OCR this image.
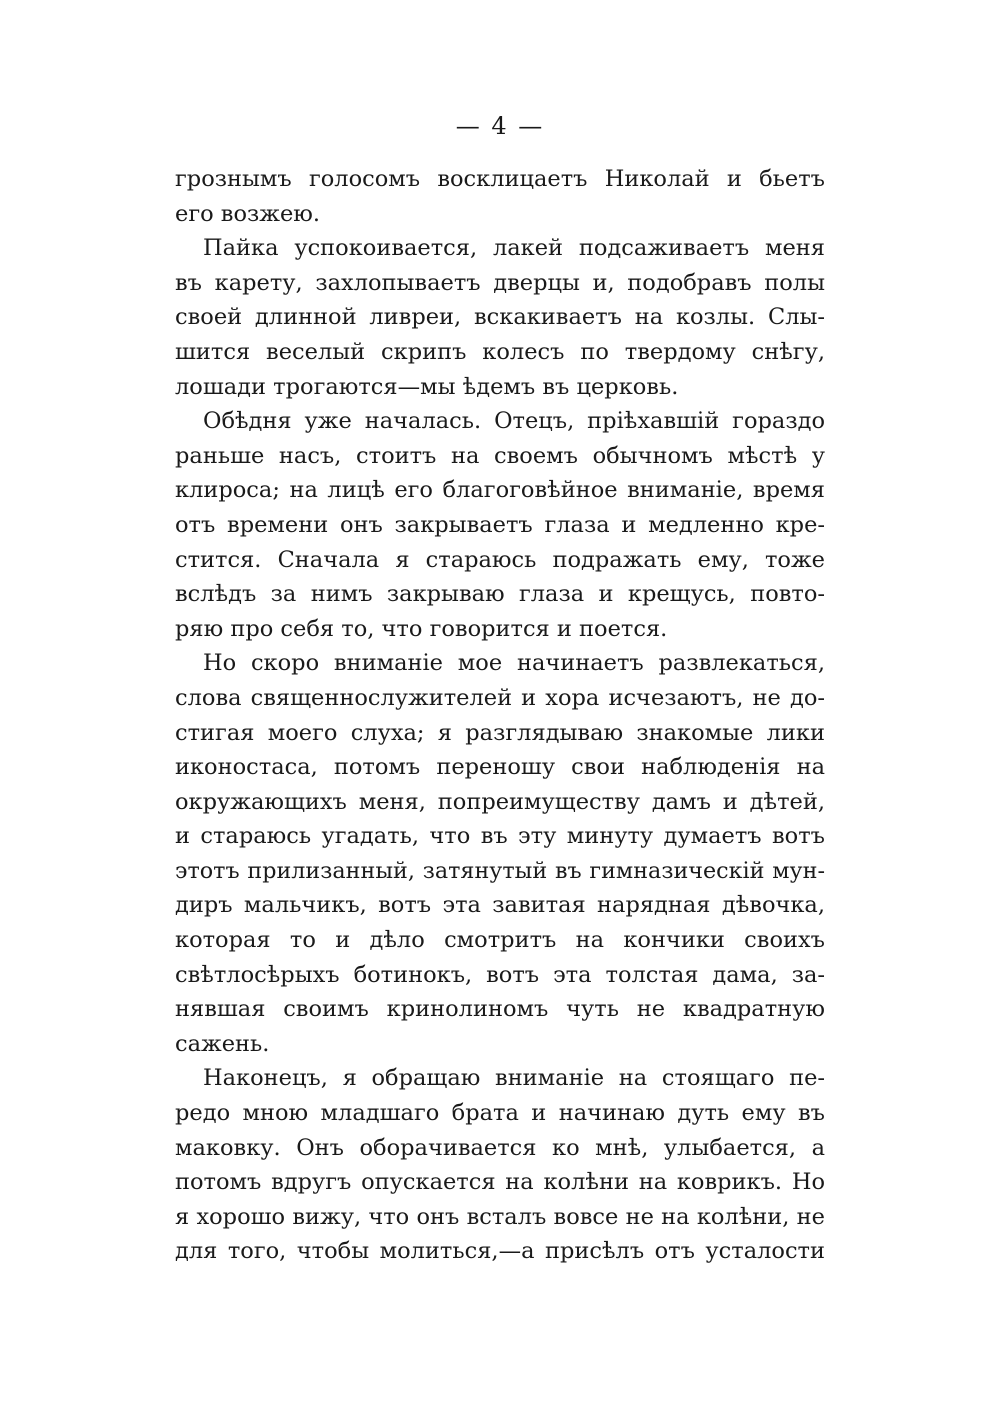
— 4 —
грознымъ голосомъ восклицаетъ Николай и бьетъ
его возжею.
Пайка успокоивается, лакей подсаживаетъ меня
въ карету, захлопываетъ дверцы и, подобравъ полы
своей длинной ливреи, вскакиваетъ на козлы. Слы-
шится веселый скрипъ колесъ по твердому снѣгу,
лошади трогаются—мы ѣдемъ въ церковь.
Обѣдня уже началась. Отецъ, пріѣхавшій гораздо
раньше насъ, стоитъ на своемъ обычномъ мѣстѣ у
клироса; на лицѣ его благоговѣйное вниманіе, время
отъ времени онъ закрываетъ глаза и медленно кре-
стится. Сначала я стараюсь подражать ему, тоже
вслѣдъ за нимъ закрываю глаза и крещусь, повто-
ряю про себя то, что говорится и поется.
Но скоро вниманіе мое начинаетъ развлекаться,
слова священнослужителей и хора исчезаютъ, не до-
стигая моего слуха; я разглядываю знакомые лики
иконостаса, потомъ переношу свои наблюденія на
окружающихъ меня, попреимуществу дамъ и дѣтей,
и стараюсь угадать, что въ эту минуту думаетъ вотъ
этотъ прилизанный, затянутый въ гимназическій мун-
диръ мальчикъ, вотъ эта завитая нарядная дѣвочка,
которая то и дѣло смотритъ на кончики своихъ
свѣтлосѣрыхъ ботинокъ, вотъ эта толстая дама, за-
нявшая своимъ кринолиномъ чуть не квадратную
сажень.
Наконецъ, я обращаю вниманіе на стоящаго пе-
редо мною младшаго брата и начинаю дуть ему въ
маковку. Онъ оборачивается ко мнѣ, улыбается, а
потомъ вдругъ опускается на колѣни на коврикъ. Но
я хорошо вижу, что онъ всталъ вовсе не на колѣни, не
для того, чтобы молиться,—а присѣлъ отъ усталости
